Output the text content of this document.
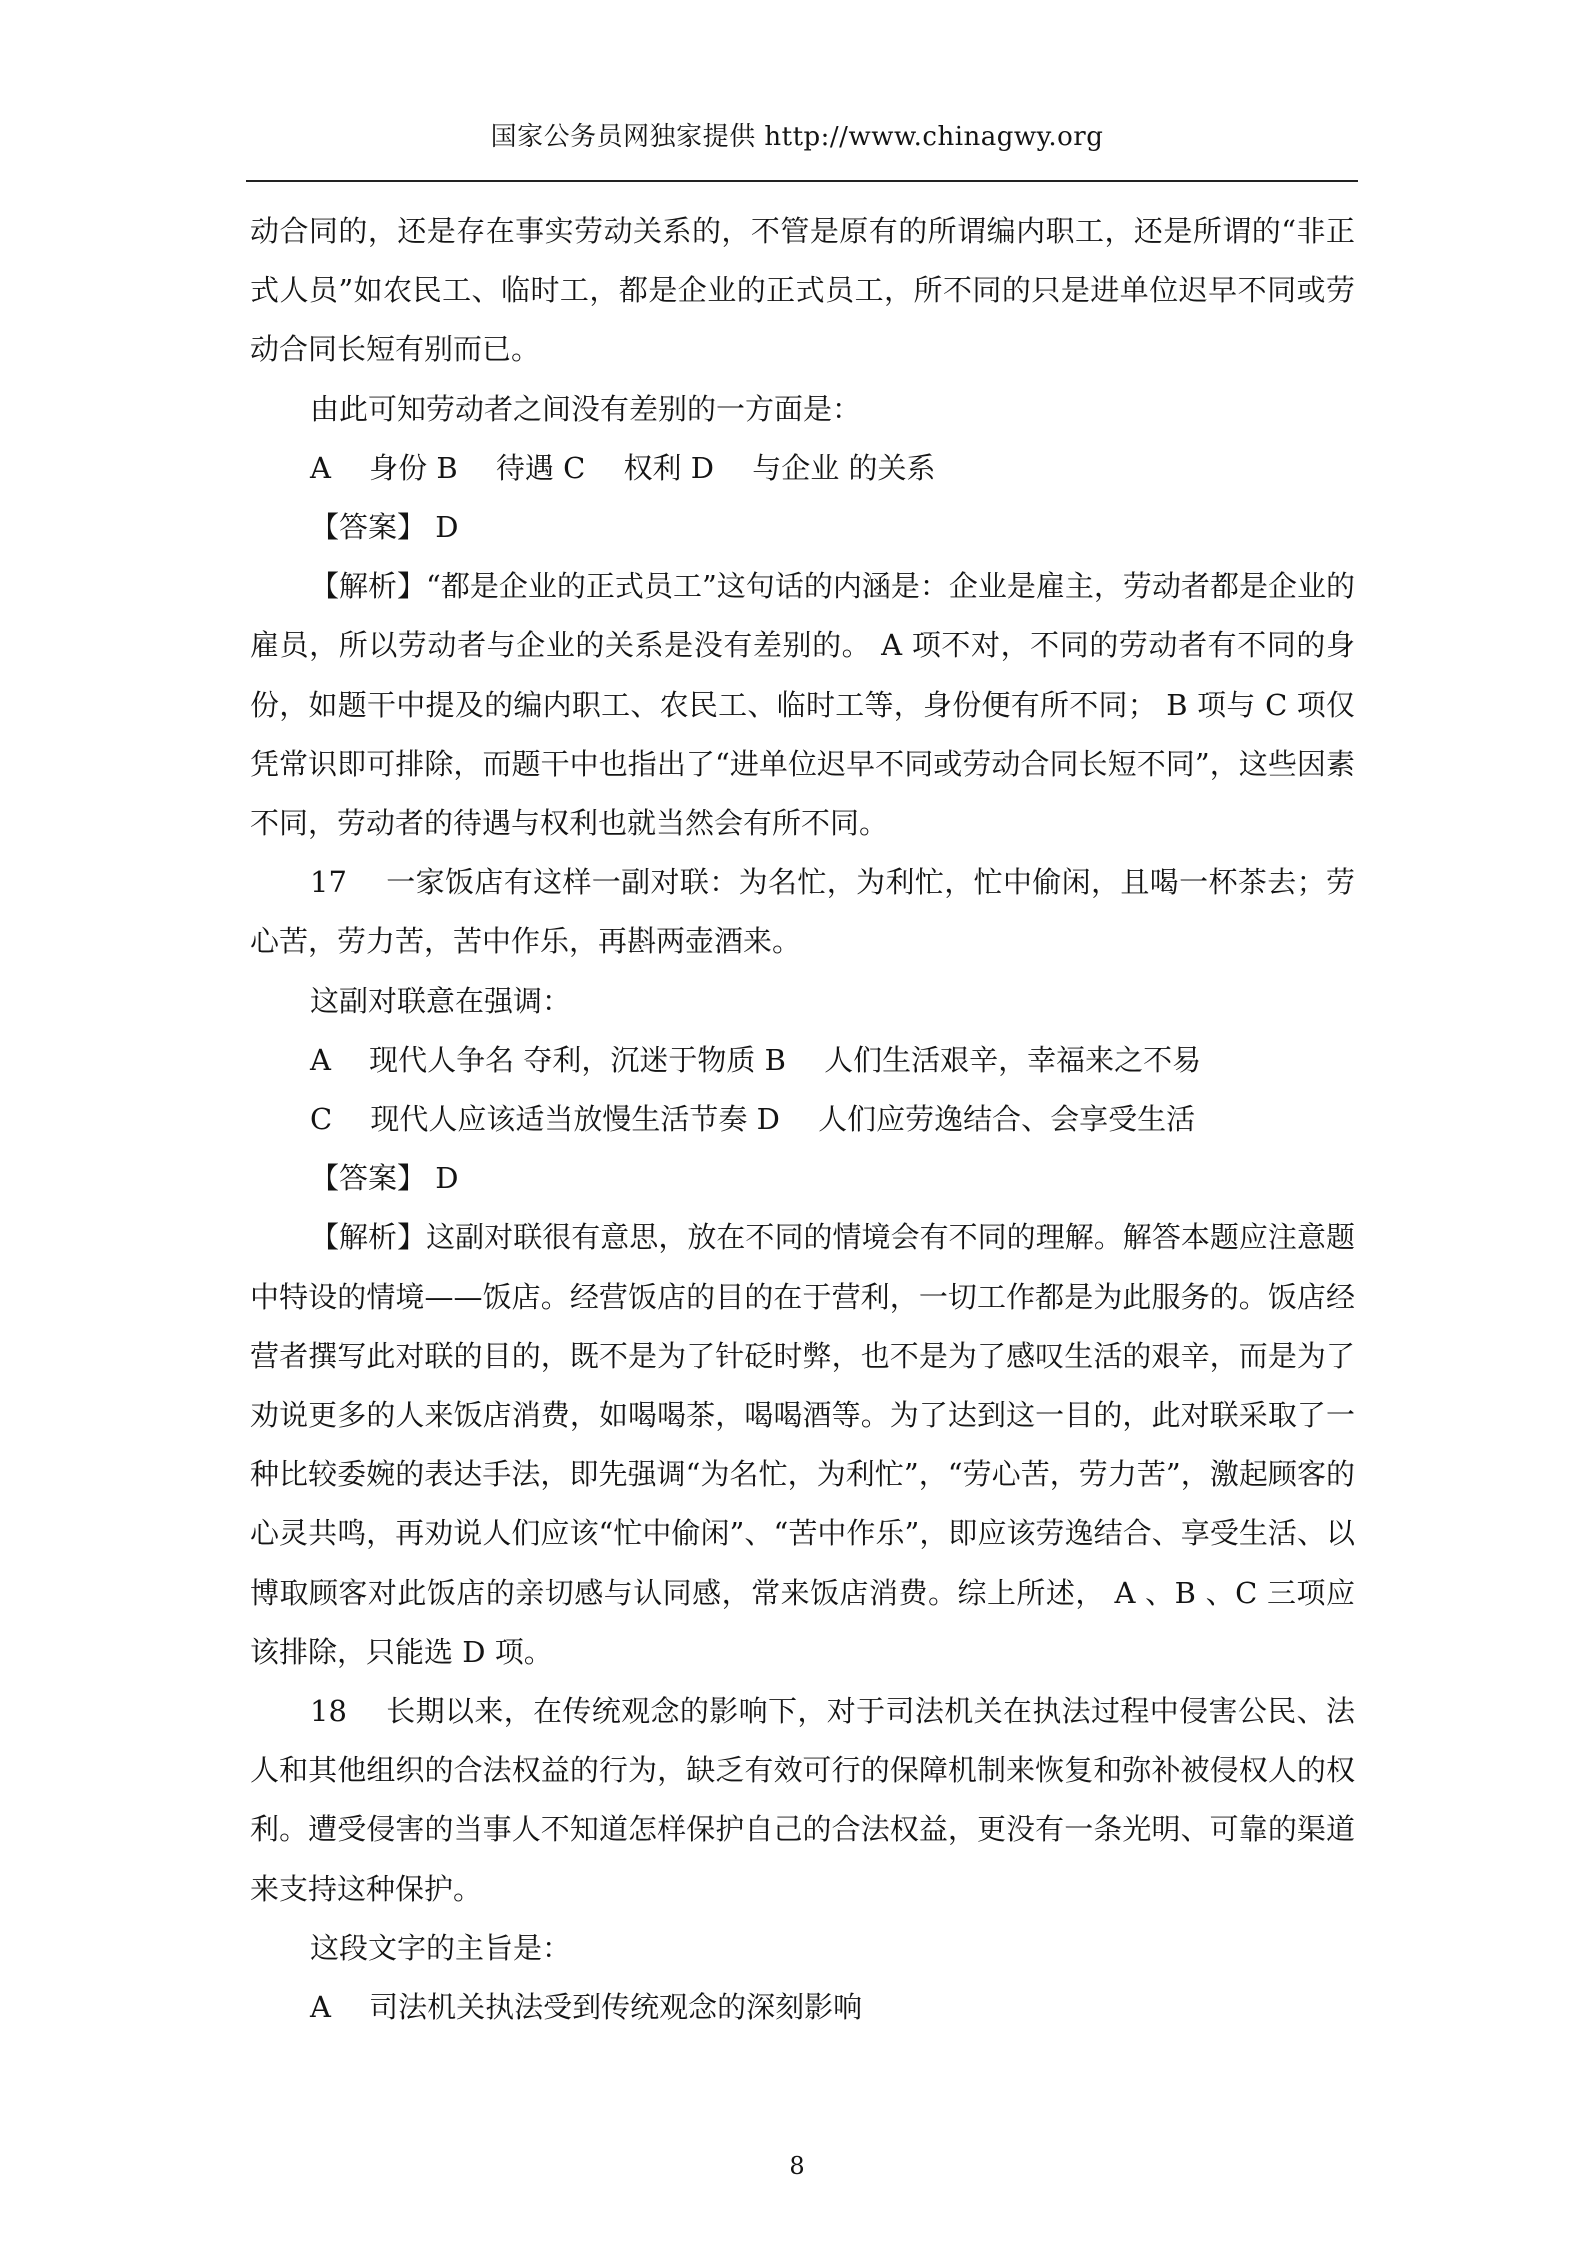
国家公务员网独家提供 http://www.chinagwy.org

动合同的，还是存在事实劳动关系的，不管是原有的所谓编内职工，还是所谓的“非正式人员”如农民工、临时工，都是企业的正式员工，所不同的只是进单位迟早不同或劳动合同长短有别而已。

由此可知劳动者之间没有差别的一方面是：

A　 身份 B　 待遇 C　 权利 D　 与企业 的关系

【答案】 D

【解析】“都是企业的正式员工”这句话的内涵是：企业是雇主，劳动者都是企业的雇员，所以劳动者与企业的关系是没有差别的。 A 项不对，不同的劳动者有不同的身份，如题干中提及的编内职工、农民工、临时工等，身份便有所不同； B 项与 C 项仅凭常识即可排除，而题干中也指出了“进单位迟早不同或劳动合同长短不同”，这些因素不同，劳动者的待遇与权利也就当然会有所不同。

17　 一家饭店有这样一副对联：为名忙，为利忙，忙中偷闲，且喝一杯茶去；劳心苦，劳力苦，苦中作乐，再斟两壶酒来。

这副对联意在强调：

A　 现代人争名 夺利，沉迷于物质 B　 人们生活艰辛，幸福来之不易

C　 现代人应该适当放慢生活节奏 D　 人们应劳逸结合、会享受生活

【答案】 D

【解析】这副对联很有意思，放在不同的情境会有不同的理解。解答本题应注意题中特设的情境——饭店。经营饭店的目的在于营利，一切工作都是为此服务的。饭店经营者撰写此对联的目的，既不是为了针砭时弊，也不是为了感叹生活的艰辛，而是为了劝说更多的人来饭店消费，如喝喝茶，喝喝酒等。为了达到这一目的，此对联采取了一种比较委婉的表达手法，即先强调“为名忙，为利忙”，“劳心苦，劳力苦”，激起顾客的心灵共鸣，再劝说人们应该“忙中偷闲”、“苦中作乐”，即应该劳逸结合、享受生活、以博取顾客对此饭店的亲切感与认同感，常来饭店消费。综上所述， A 、B 、C 三项应该排除，只能选 D 项。

18　 长期以来，在传统观念的影响下，对于司法机关在执法过程中侵害公民、法人和其他组织的合法权益的行为，缺乏有效可行的保障机制来恢复和弥补被侵权人的权利。遭受侵害的当事人不知道怎样保护自己的合法权益，更没有一条光明、可靠的渠道来支持这种保护。

这段文字的主旨是：

A　 司法机关执法受到传统观念的深刻影响

8
